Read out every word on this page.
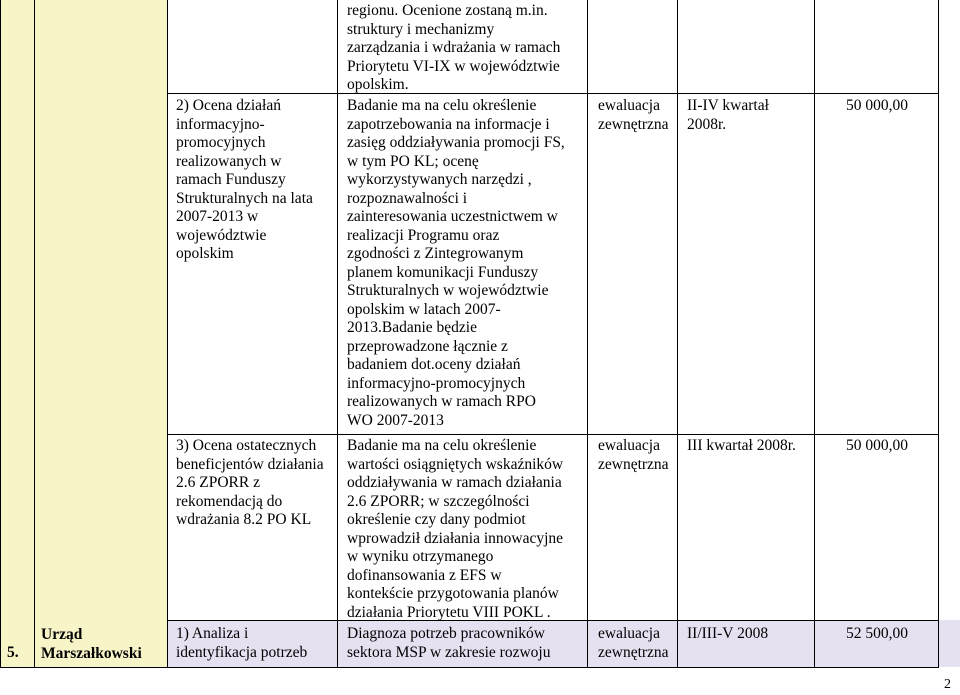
5.
Urząd
Marszałkowski
regionu. Ocenione zostaną m.in.
struktury i mechanizmy
zarządzania i wdrażania w ramach
Priorytetu VI-IX w województwie
opolskim.
2) Ocena działań
informacyjno-
promocyjnych
realizowanych w
ramach Funduszy
Strukturalnych na lata
2007-2013 w
województwie
opolskim
Badanie ma na celu określenie
zapotrzebowania na informacje i
zasięg oddziaływania promocji FS,
w tym PO KL; ocenę
wykorzystywanych narzędzi ,
rozpoznawalności i
zainteresowania uczestnictwem w
realizacji Programu oraz
zgodności z Zintegrowanym
planem komunikacji Funduszy
Strukturalnych w województwie
opolskim w latach 2007-
2013.Badanie będzie
przeprowadzone łącznie z
badaniem dot.oceny działań
informacyjno-promocyjnych
realizowanych w ramach RPO
WO 2007-2013
ewaluacja
zewnętrzna
II-IV kwartał
2008r.
50 000,00
3) Ocena ostatecznych
beneficjentów działania
2.6 ZPORR z
rekomendacją do
wdrażania 8.2 PO KL
Badanie ma na celu określenie
wartości osiągniętych wskaźników
oddziaływania w ramach działania
2.6 ZPORR; w szczególności
określenie czy dany podmiot
wprowadził działania innowacyjne
w wyniku otrzymanego
dofinansowania z EFS w
kontekście przygotowania planów
działania Priorytetu VIII POKL .
ewaluacja
zewnętrzna
III kwartał 2008r.	50 000,00
1) Analiza i
identyfikacja potrzeb
Diagnoza potrzeb pracowników
sektora MSP w zakresie rozwoju
ewaluacja
zewnętrzna
II/III-V 2008	52 500,00
2
